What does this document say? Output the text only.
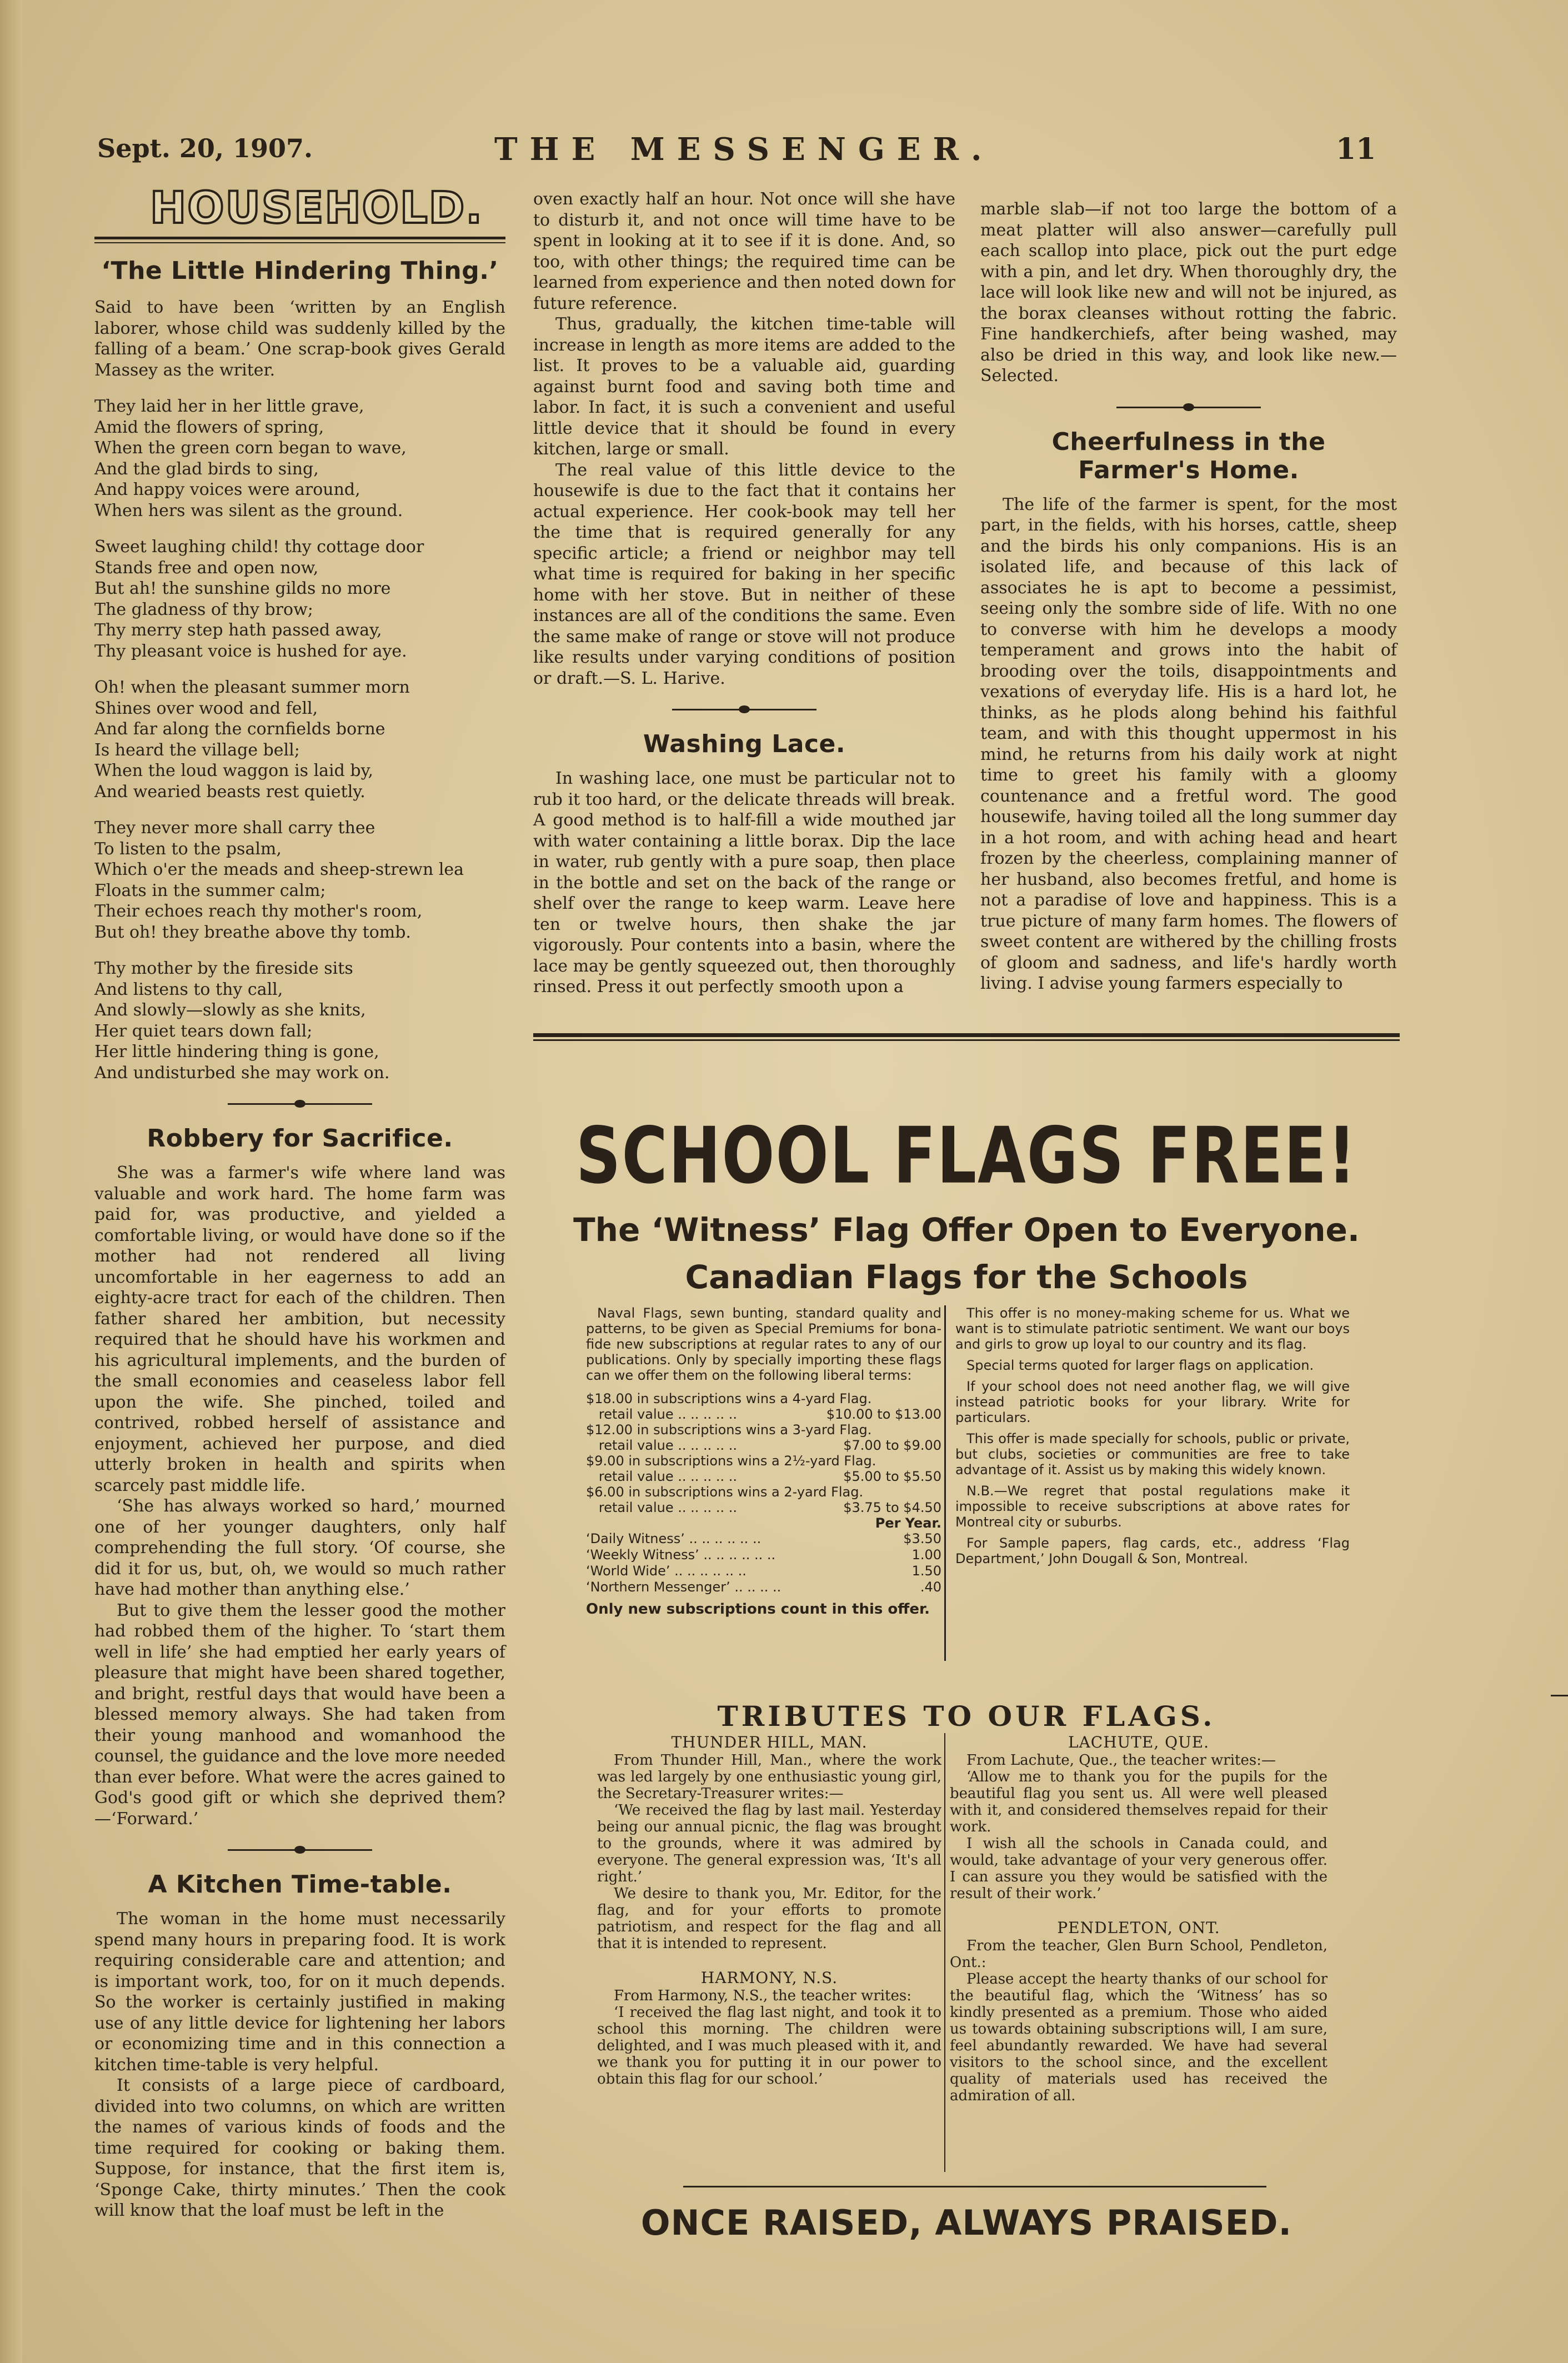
Sept. 20, 1907.	THE MESSENGER.	11
HOUSEHOLD.
‘The Little Hindering Thing.’

Said to have been ‘written by an English laborer, whose child was suddenly killed by the falling of a beam.’ One scrap-book gives Gerald Massey as the writer.

They laid her in her little grave,
Amid the flowers of spring,
When the green corn began to wave,
And the glad birds to sing,
And happy voices were around,
When hers was silent as the ground.
Sweet laughing child! thy cottage door
Stands free and open now,
But ah! the sunshine gilds no more
The gladness of thy brow;
Thy merry step hath passed away,
Thy pleasant voice is hushed for aye.
Oh! when the pleasant summer morn
Shines over wood and fell,
And far along the cornfields borne
Is heard the village bell;
When the loud waggon is laid by,
And wearied beasts rest quietly.
They never more shall carry thee
To listen to the psalm,
Which o'er the meads and sheep-strewn lea
Floats in the summer calm;
Their echoes reach thy mother's room,
But oh! they breathe above thy tomb.
Thy mother by the fireside sits
And listens to thy call,
And slowly—slowly as she knits,
Her quiet tears down fall;
Her little hindering thing is gone,
And undisturbed she may work on.
Robbery for Sacrifice.

She was a farmer's wife where land was valuable and work hard. The home farm was paid for, was productive, and yielded a comfortable living, or would have done so if the mother had not rendered all living uncomfortable in her eagerness to add an eighty-acre tract for each of the children. Then father shared her ambition, but necessity required that he should have his workmen and his agricultural implements, and the burden of the small economies and ceaseless labor fell upon the wife. She pinched, toiled and contrived, robbed herself of assistance and enjoyment, achieved her purpose, and died utterly broken in health and spirits when scarcely past middle life.

‘She has always worked so hard,’ mourned one of her younger daughters, only half comprehending the full story. ‘Of course, she did it for us, but, oh, we would so much rather have had mother than anything else.’

But to give them the lesser good the mother had robbed them of the higher. To ‘start them well in life’ she had emptied her early years of pleasure that might have been shared together, and bright, restful days that would have been a blessed memory always. She had taken from their young manhood and womanhood the counsel, the guidance and the love more needed than ever before. What were the acres gained to God's good gift or which she deprived them?—‘Forward.’

A Kitchen Time-table.

The woman in the home must necessarily spend many hours in preparing food. It is work requiring considerable care and attention; and is important work, too, for on it much depends. So the worker is certainly justified in making use of any little device for lightening her labors or economizing time and in this connection a kitchen time-table is very helpful.

It consists of a large piece of cardboard, divided into two columns, on which are written the names of various kinds of foods and the time required for cooking or baking them. Suppose, for instance, that the first item is, ‘Sponge Cake, thirty minutes.’ Then the cook will know that the loaf must be left in the

oven exactly half an hour. Not once will she have to disturb it, and not once will time have to be spent in looking at it to see if it is done. And, so too, with other things; the required time can be learned from experience and then noted down for future reference.

Thus, gradually, the kitchen time-table will increase in length as more items are added to the list. It proves to be a valuable aid, guarding against burnt food and saving both time and labor. In fact, it is such a convenient and useful little device that it should be found in every kitchen, large or small.

The real value of this little device to the housewife is due to the fact that it contains her actual experience. Her cook-book may tell her the time that is required generally for any specific article; a friend or neighbor may tell what time is required for baking in her specific home with her stove. But in neither of these instances are all of the conditions the same. Even the same make of range or stove will not produce like results under varying conditions of position or draft.—S. L. Harive.

Washing Lace.

In washing lace, one must be particular not to rub it too hard, or the delicate threads will break. A good method is to half-fill a wide mouthed jar with water containing a little borax. Dip the lace in water, rub gently with a pure soap, then place in the bottle and set on the back of the range or shelf over the range to keep warm. Leave here ten or twelve hours, then shake the jar vigorously. Pour contents into a basin, where the lace may be gently squeezed out, then thoroughly rinsed. Press it out perfectly smooth upon a

marble slab—if not too large the bottom of a meat platter will also answer—carefully pull each scallop into place, pick out the purt edge with a pin, and let dry. When thoroughly dry, the lace will look like new and will not be injured, as the borax cleanses without rotting the fabric. Fine handkerchiefs, after being washed, may also be dried in this way, and look like new.—Selected.

Cheerfulness in the Farmer's Home.

The life of the farmer is spent, for the most part, in the fields, with his horses, cattle, sheep and the birds his only companions. His is an isolated life, and because of this lack of associates he is apt to become a pessimist, seeing only the sombre side of life. With no one to converse with him he develops a moody temperament and grows into the habit of brooding over the toils, disappointments and vexations of everyday life. His is a hard lot, he thinks, as he plods along behind his faithful team, and with this thought uppermost in his mind, he returns from his daily work at night time to greet his family with a gloomy countenance and a fretful word. The good housewife, having toiled all the long summer day in a hot room, and with aching head and heart frozen by the cheerless, complaining manner of her husband, also becomes fretful, and home is not a paradise of love and happiness. This is a true picture of many farm homes. The flowers of sweet content are withered by the chilling frosts of gloom and sadness, and life's hardly worth living. I advise young farmers especially to

SCHOOL FLAGS FREE!
The ‘Witness’ Flag Offer Open to Everyone.
Canadian Flags for the Schools

Naval Flags, sewn bunting, standard quality and patterns, to be given as Special Premiums for bona-fide new subscriptions at regular rates to any of our publications. Only by specially importing these flags can we offer them on the following liberal terms:

$18.00 in subscriptions wins a 4-yard Flag.
retail value .. .. .. .. ..	$10.00 to $13.00
$12.00 in subscriptions wins a 3-yard Flag.
retail value .. .. .. .. ..	$7.00 to $9.00
$9.00 in subscriptions wins a 2½-yard Flag.
retail value .. .. .. .. ..	$5.00 to $5.50
$6.00 in subscriptions wins a 2-yard Flag.
retail value .. .. .. .. ..	$3.75 to $4.50
Per Year.
‘Daily Witness’ .. .. .. .. .. ..	$3.50
‘Weekly Witness’ .. .. .. .. .. ..	1.00
‘World Wide’ .. .. .. .. .. ..	1.50
‘Northern Messenger’ .. .. .. ..	.40
Only new subscriptions count in this offer.

This offer is no money-making scheme for us. What we want is to stimulate patriotic sentiment. We want our boys and girls to grow up loyal to our country and its flag.

Special terms quoted for larger flags on application.

If your school does not need another flag, we will give instead patriotic books for your library. Write for particulars.

This offer is made specially for schools, public or private, but clubs, societies or communities are free to take advantage of it. Assist us by making this widely known.

N.B.—We regret that postal regulations make it impossible to receive subscriptions at above rates for Montreal city or suburbs.

For Sample papers, flag cards, etc., address ‘Flag Department,’ John Dougall & Son, Montreal.

TRIBUTES TO OUR FLAGS.
THUNDER HILL, MAN.

From Thunder Hill, Man., where the work was led largely by one enthusiastic young girl, the Secretary-Treasurer writes:—

‘We received the flag by last mail. Yesterday being our annual picnic, the flag was brought to the grounds, where it was admired by everyone. The general expression was, ‘It's all right.’

We desire to thank you, Mr. Editor, for the flag, and for your efforts to promote patriotism, and respect for the flag and all that it is intended to represent.

HARMONY, N.S.

From Harmony, N.S., the teacher writes:

‘I received the flag last night, and took it to school this morning. The children were delighted, and I was much pleased with it, and we thank you for putting it in our power to obtain this flag for our school.’

LACHUTE, QUE.

From Lachute, Que., the teacher writes:—

‘Allow me to thank you for the pupils for the beautiful flag you sent us. All were well pleased with it, and considered themselves repaid for their work.

I wish all the schools in Canada could, and would, take advantage of your very generous offer. I can assure you they would be satisfied with the result of their work.’

PENDLETON, ONT.

From the teacher, Glen Burn School, Pendleton, Ont.:

Please accept the hearty thanks of our school for the beautiful flag, which the ‘Witness’ has so kindly presented as a premium. Those who aided us towards obtaining subscriptions will, I am sure, feel abundantly rewarded. We have had several visitors to the school since, and the excellent quality of materials used has received the admiration of all.

ONCE RAISED, ALWAYS PRAISED.
